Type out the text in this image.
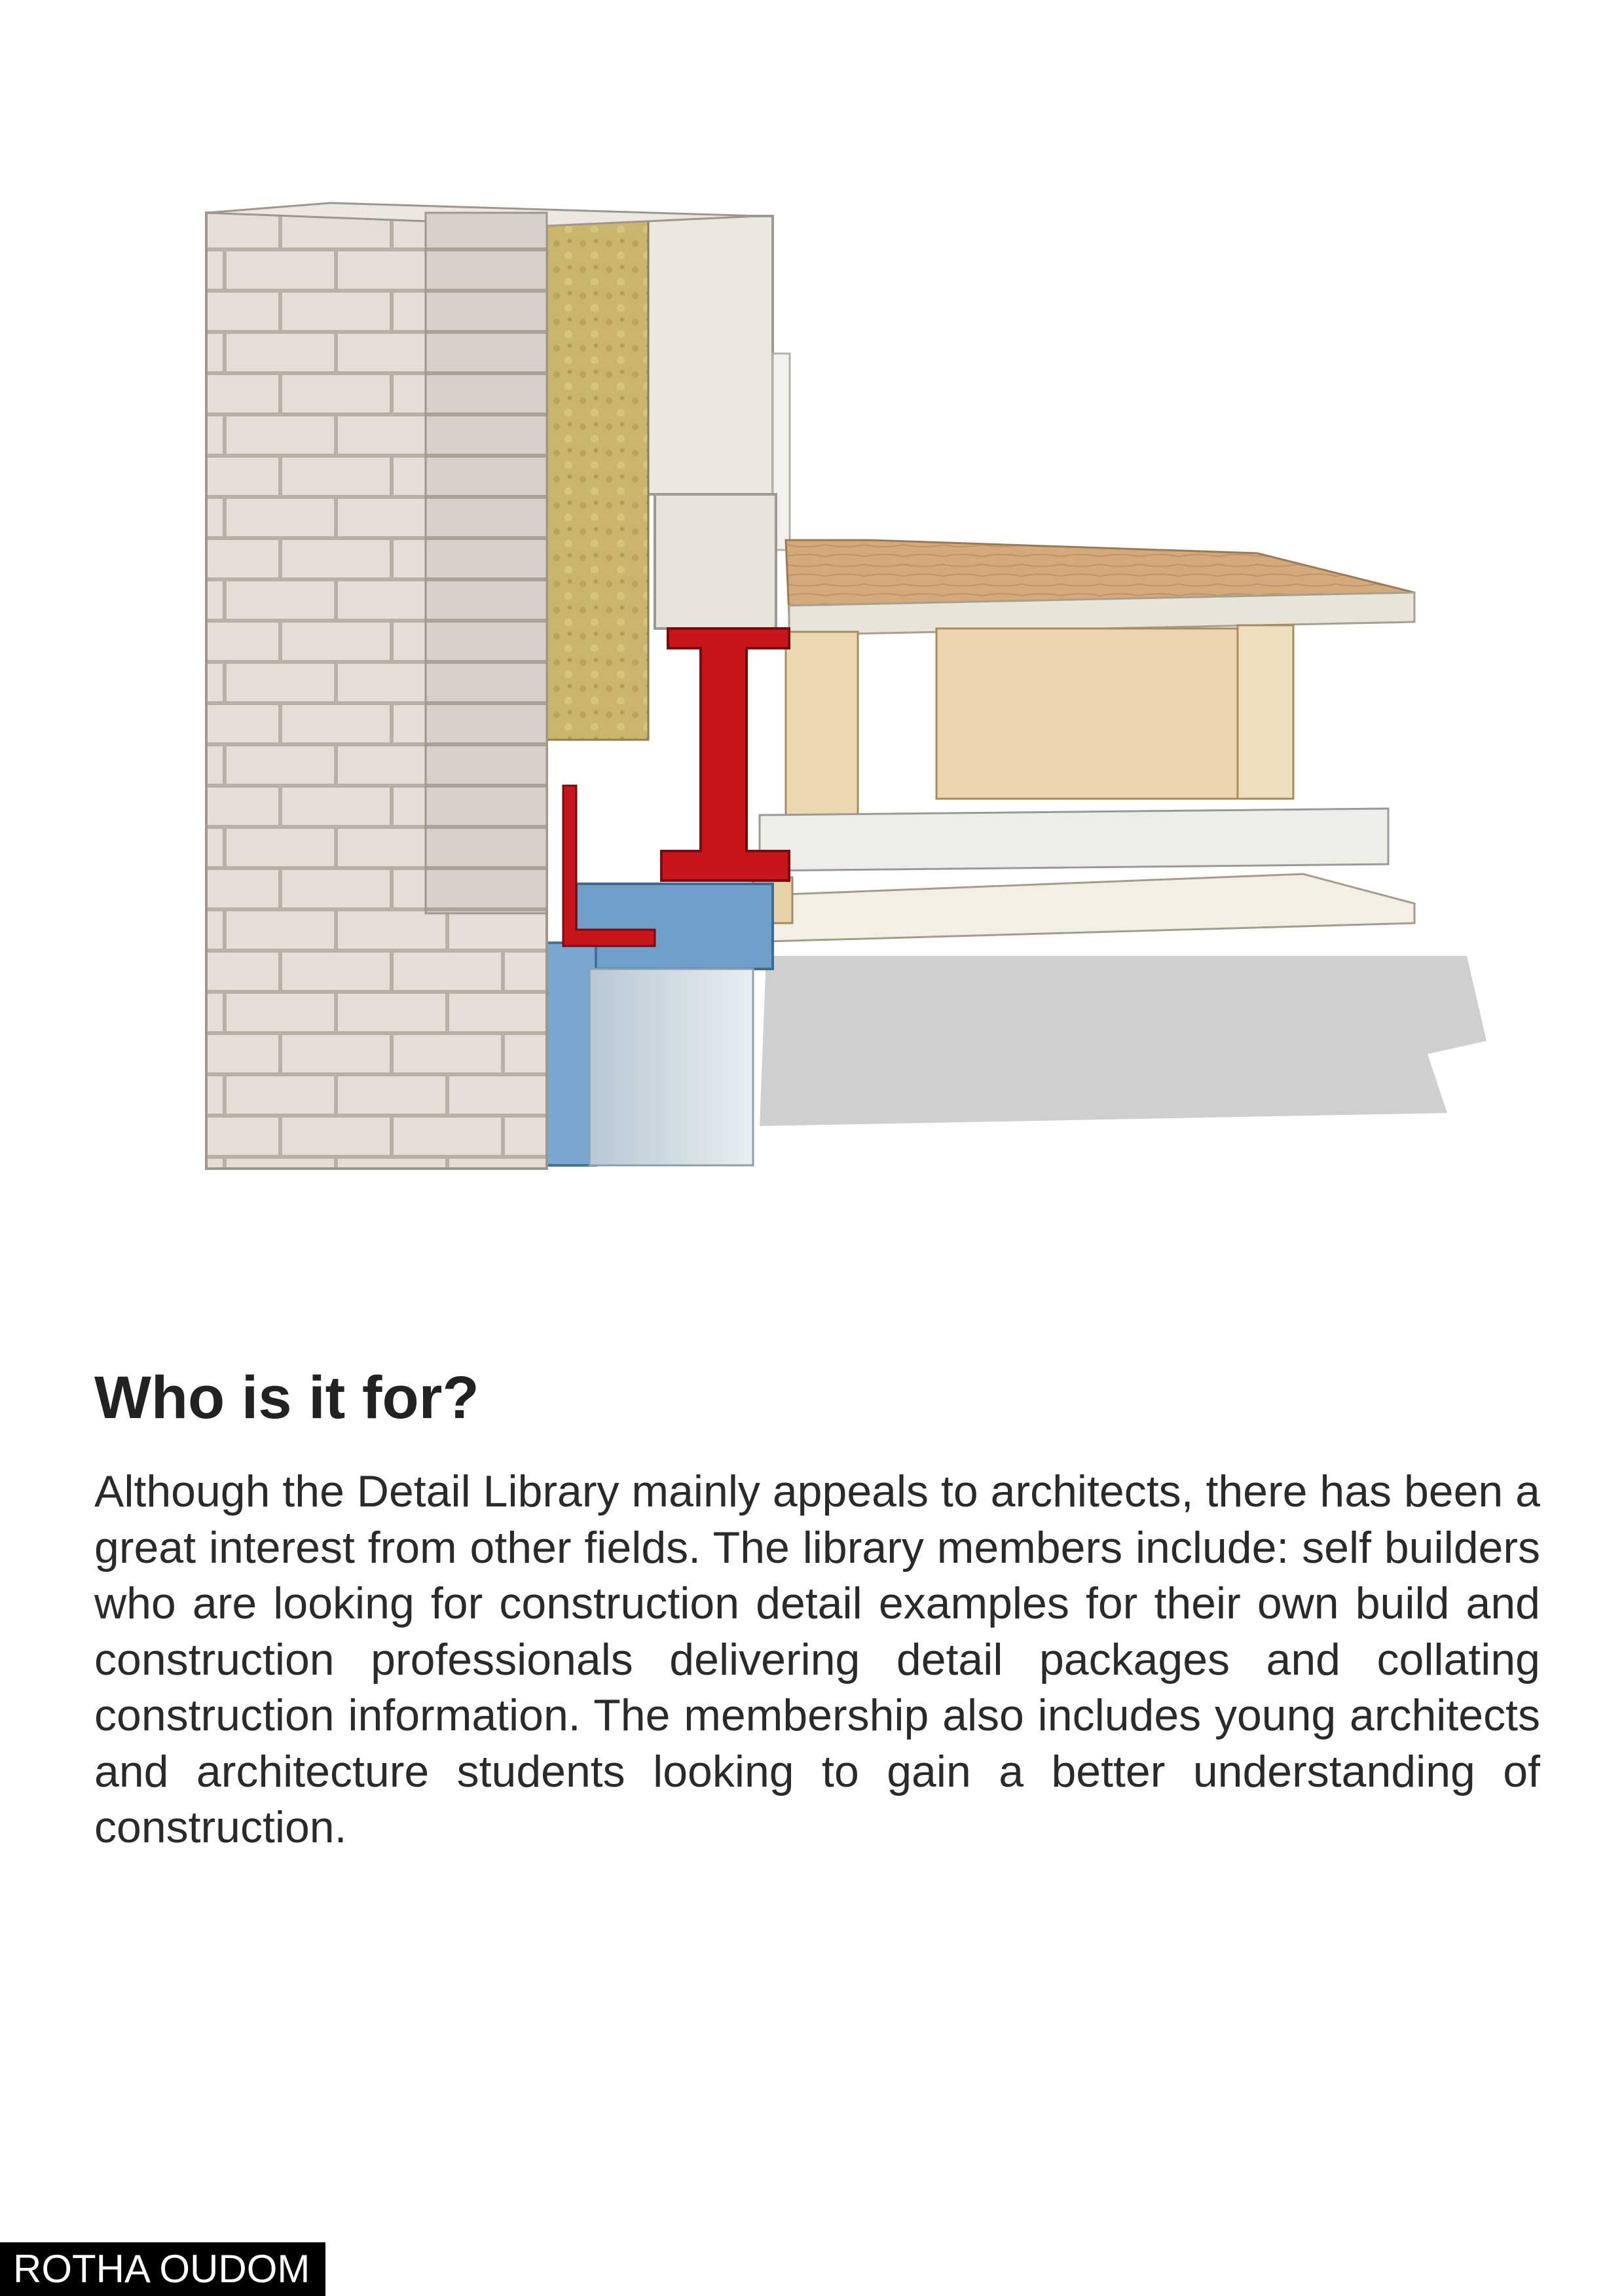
Who is it for?

Although the Detail Library mainly appeals to architects, there has been a great interest from other fields. The library members include: self builders who are looking for construction detail examples for their own build and construction professionals delivering detail packages and collating construction information. The membership also includes young architects and architecture students looking to gain a better understanding of construction.

ROTHA OUDOM
